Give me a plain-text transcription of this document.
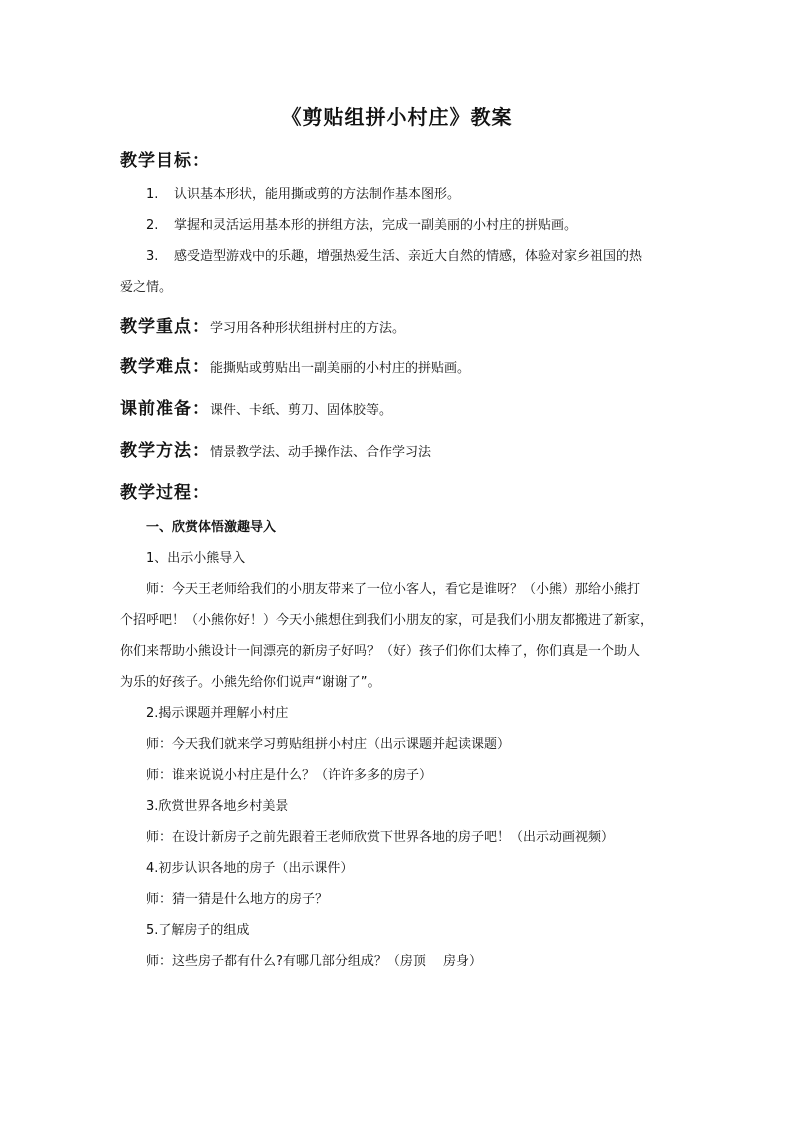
《剪贴组拼小村庄》教案
教学目标：
1. 认识基本形状，能用撕或剪的方法制作基本图形。
2. 掌握和灵活运用基本形的拼组方法，完成一副美丽的小村庄的拼贴画。
3. 感受造型游戏中的乐趣，增强热爱生活、亲近大自然的情感，体验对家乡祖国的热
爱之情。
教学重点：学习用各种形状组拼村庄的方法。
教学难点：能撕贴或剪贴出一副美丽的小村庄的拼贴画。
课前准备：课件、卡纸、剪刀、固体胶等。
教学方法：情景教学法、动手操作法、合作学习法
教学过程：
一、欣赏体悟激趣导入
1、出示小熊导入
师：今天王老师给我们的小朋友带来了一位小客人，看它是谁呀？（小熊）那给小熊打
个招呼吧！（小熊你好！）今天小熊想住到我们小朋友的家，可是我们小朋友都搬进了新家，
你们来帮助小熊设计一间漂亮的新房子好吗？（好）孩子们你们太棒了，你们真是一个助人
为乐的好孩子。小熊先给你们说声“谢谢了”。
2.揭示课题并理解小村庄
师：今天我们就来学习剪贴组拼小村庄（出示课题并起读课题）
师：谁来说说小村庄是什么？（许许多多的房子）
3.欣赏世界各地乡村美景
师：在设计新房子之前先跟着王老师欣赏下世界各地的房子吧！（出示动画视频）
4.初步认识各地的房子（出示课件）
师：猜一猜是什么地方的房子？
5.了解房子的组成
师：这些房子都有什么?有哪几部分组成？（房顶　 房身）
